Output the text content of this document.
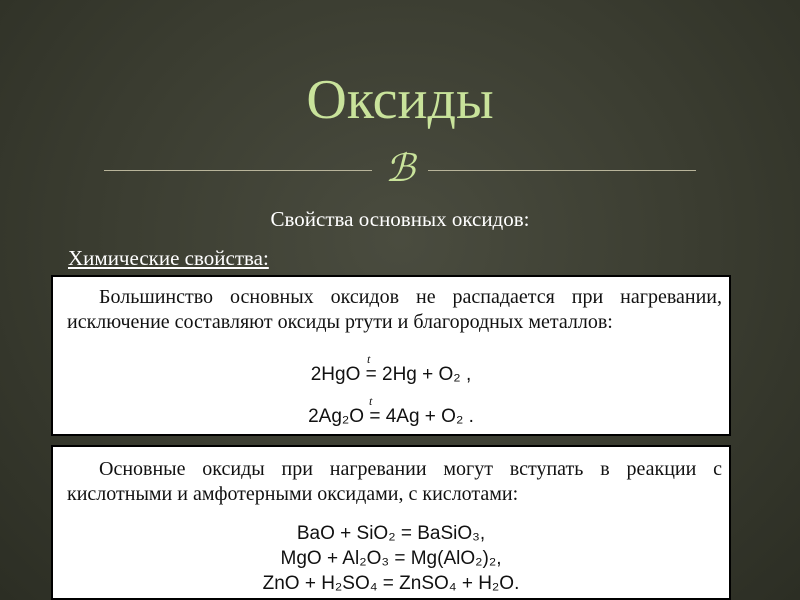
Оксиды
ℬ
Свойства основных оксидов:
Химические свойства:
Большинство основных оксидов не распадается при нагревании, исключение составляют оксиды ртути и благородных металлов:
t
2HgO = 2Hg + O₂ ,
t
2Ag₂O = 4Ag + O₂ .
Основные оксиды при нагревании могут вступать в реакции с кислотными и амфотерными оксидами, с кислотами:
BaO + SiO₂ = BaSiO₃,
MgO + Al₂O₃ = Mg(AlO₂)₂,
ZnO + H₂SO₄ = ZnSO₄ + H₂O.
